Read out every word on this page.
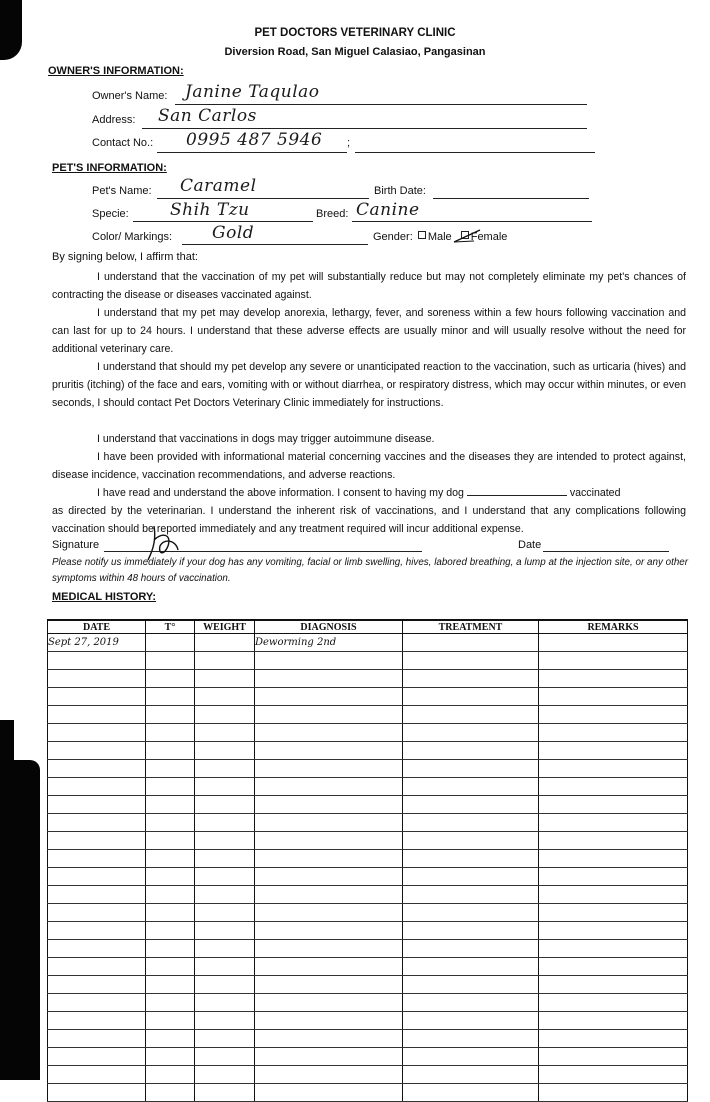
PET DOCTORS VETERINARY CLINIC
Diversion Road, San Miguel Calasiao, Pangasinan
OWNER'S INFORMATION:
Owner's Name: Janine Taqulao
Address: San Carlos
Contact No.:	;
0995 487 5946
PET'S INFORMATION:
Pet's Name: Caramel	Birth Date:
Specie: Shih Tzu	Breed: Canine
Color/ Markings: Gold	Gender: Male Female
By signing below, I affirm that:
I understand that the vaccination of my pet will substantially reduce but may not completely eliminate my pet's chances of contracting the disease or diseases vaccinated against.
I understand that my pet may develop anorexia, lethargy, fever, and soreness within a few hours following vaccination and can last for up to 24 hours. I understand that these adverse effects are usually minor and will usually resolve without the need for additional veterinary care.
I understand that should my pet develop any severe or unanticipated reaction to the vaccination, such as urticaria (hives) and pruritis (itching) of the face and ears, vomiting with or without diarrhea, or respiratory distress, which may occur within minutes, or even seconds, I should contact Pet Doctors Veterinary Clinic immediately for instructions.
I understand that vaccinations in dogs may trigger autoimmune disease.
I have been provided with informational material concerning vaccines and the diseases they are intended to protect against, disease incidence, vaccination recommendations, and adverse reactions.
I have read and understand the above information. I consent to having my dog	vaccinated
as directed by the veterinarian. I understand the inherent risk of vaccinations, and I understand that any complications following vaccination should be reported immediately and any treatment required will incur additional expense.
Signature	Date
Please notify us immediately if your dog has any vomiting, facial or limb swelling, hives, labored breathing, a lump at the injection site, or any other symptoms within 48 hours of vaccination.
MEDICAL HISTORY:
DATE	T°	WEIGHT	DIAGNOSIS	TREATMENT	REMARKS
Sept 27, 2019			Deworming 2nd		
